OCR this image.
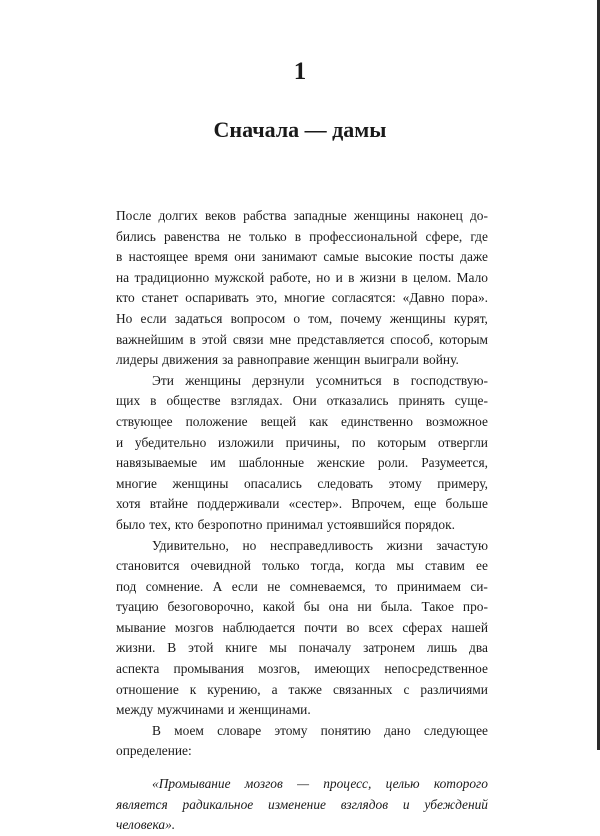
1
Сначала — дамы
После долгих веков рабства западные женщины наконец до-
бились равенства не только в профессиональной сфере, где
в настоящее время они занимают самые высокие посты даже
на традиционно мужской работе, но и в жизни в целом. Мало
кто станет оспаривать это, многие согласятся: «Давно пора».
Но если задаться вопросом о том, почему женщины курят,
важнейшим в этой связи мне представляется способ, которым
лидеры движения за равноправие женщин выиграли войну.
Эти женщины дерзнули усомниться в господствую-
щих в обществе взглядах. Они отказались принять суще-
ствующее положение вещей как единственно возможное
и убедительно изложили причины, по которым отвергли
навязываемые им шаблонные женские роли. Разумеется,
многие женщины опасались следовать этому примеру,
хотя втайне поддерживали «сестер». Впрочем, еще больше
было тех, кто безропотно принимал устоявшийся порядок.
Удивительно, но несправедливость жизни зачастую
становится очевидной только тогда, когда мы ставим ее
под сомнение. А если не сомневаемся, то принимаем си-
туацию безоговорочно, какой бы она ни была. Такое про-
мывание мозгов наблюдается почти во всех сферах нашей
жизни. В этой книге мы поначалу затронем лишь два
аспекта промывания мозгов, имеющих непосредственное
отношение к курению, а также связанных с различиями
между мужчинами и женщинами.
В моем словаре этому понятию дано следующее
определение:
«Промывание мозгов — процесс, целью которого
является радикальное изменение взглядов и убеждений
человека».
